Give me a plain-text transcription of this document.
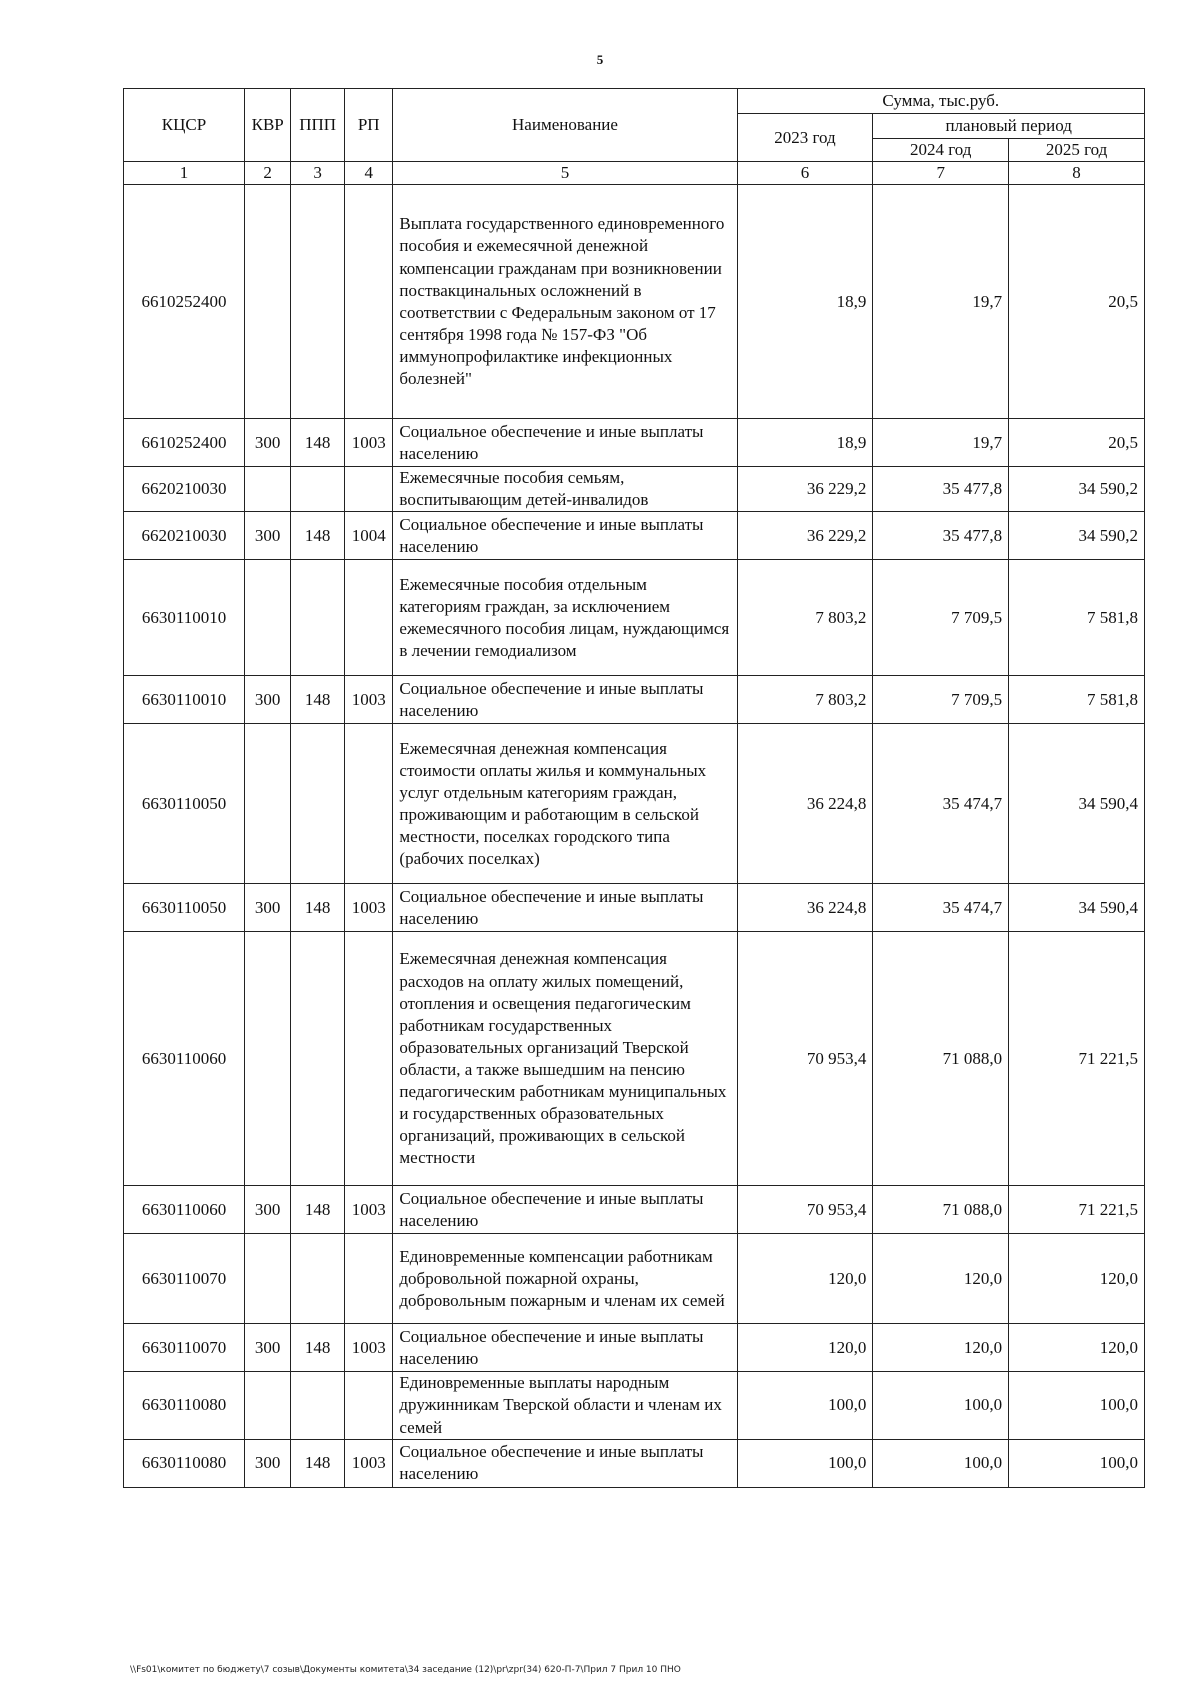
5
КЦСР	КВР	ППП	РП	Наименование	Сумма, тыс.руб.		
					2023 год	плановый период	
						2024 год	2025 год
1	2	3	4	5	6	7	8
6610252400				Выплата государственного единовременного пособия и ежемесячной денежной компенсации гражданам при возникновении поствакцинальных осложнений в соответствии с Федеральным законом от 17 сентября 1998 года № 157-ФЗ "Об иммунопрофилактике инфекционных болезней"	18,9	19,7	20,5
6610252400	300	148	1003	Социальное обеспечение и иные выплаты населению	18,9	19,7	20,5
6620210030				Ежемесячные пособия семьям, воспитывающим детей-инвалидов	36 229,2	35 477,8	34 590,2
6620210030	300	148	1004	Социальное обеспечение и иные выплаты населению	36 229,2	35 477,8	34 590,2
6630110010				Ежемесячные пособия отдельным категориям граждан, за исключением ежемесячного пособия лицам, нуждающимся в лечении гемодиализом	7 803,2	7 709,5	7 581,8
6630110010	300	148	1003	Социальное обеспечение и иные выплаты населению	7 803,2	7 709,5	7 581,8
6630110050				Ежемесячная денежная компенсация стоимости оплаты жилья и коммунальных услуг отдельным категориям граждан, проживающим и работающим в сельской местности, поселках городского типа (рабочих поселках)	36 224,8	35 474,7	34 590,4
6630110050	300	148	1003	Социальное обеспечение и иные выплаты населению	36 224,8	35 474,7	34 590,4
6630110060				Ежемесячная денежная компенсация расходов на оплату жилых помещений, отопления и освещения педагогическим работникам государственных образовательных организаций Тверской области, а также вышедшим на пенсию педагогическим работникам муниципальных и государственных образовательных организаций, проживающих в сельской местности	70 953,4	71 088,0	71 221,5
6630110060	300	148	1003	Социальное обеспечение и иные выплаты населению	70 953,4	71 088,0	71 221,5
6630110070				Единовременные компенсации работникам добровольной пожарной охраны, добровольным пожарным и членам их семей	120,0	120,0	120,0
6630110070	300	148	1003	Социальное обеспечение и иные выплаты населению	120,0	120,0	120,0
6630110080				Единовременные выплаты народным дружинникам Тверской области и членам их семей	100,0	100,0	100,0
6630110080	300	148	1003	Социальное обеспечение и иные выплаты населению	100,0	100,0	100,0
\\Fs01\комитет по бюджету\7 созыв\Документы комитета\34 заседание (12)\pr\zpr(34) 620-П-7\Прил 7 Прил 10 ПНО
